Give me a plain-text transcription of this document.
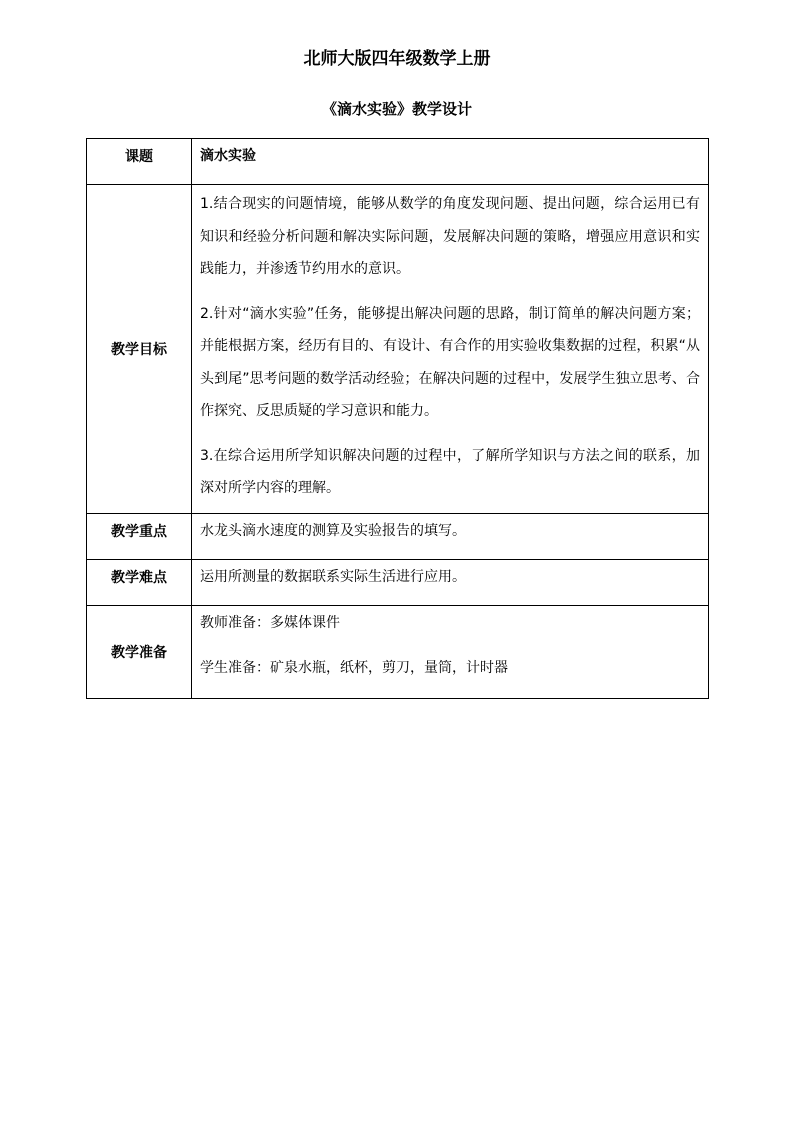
北师大版四年级数学上册
《滴水实验》教学设计
课题	滴水实验
教学目标	1.结合现实的问题情境，能够从数学的角度发现问题、提出问题，综合运用已有知识和经验分析问题和解决实际问题，发展解决问题的策略，增强应用意识和实践能力，并渗透节约用水的意识。

2.针对“滴水实验”任务，能够提出解决问题的思路，制订简单的解决问题方案；并能根据方案，经历有目的、有设计、有合作的用实验收集数据的过程，积累“从头到尾”思考问题的数学活动经验；在解决问题的过程中，发展学生独立思考、合作探究、反思质疑的学习意识和能力。

3.在综合运用所学知识解决问题的过程中，了解所学知识与方法之间的联系，加深对所学内容的理解。

教学重点	水龙头滴水速度的测算及实验报告的填写。
教学难点	运用所测量的数据联系实际生活进行应用。
教学准备	教师准备：多媒体课件

学生准备：矿泉水瓶，纸杯，剪刀，量筒，计时器
